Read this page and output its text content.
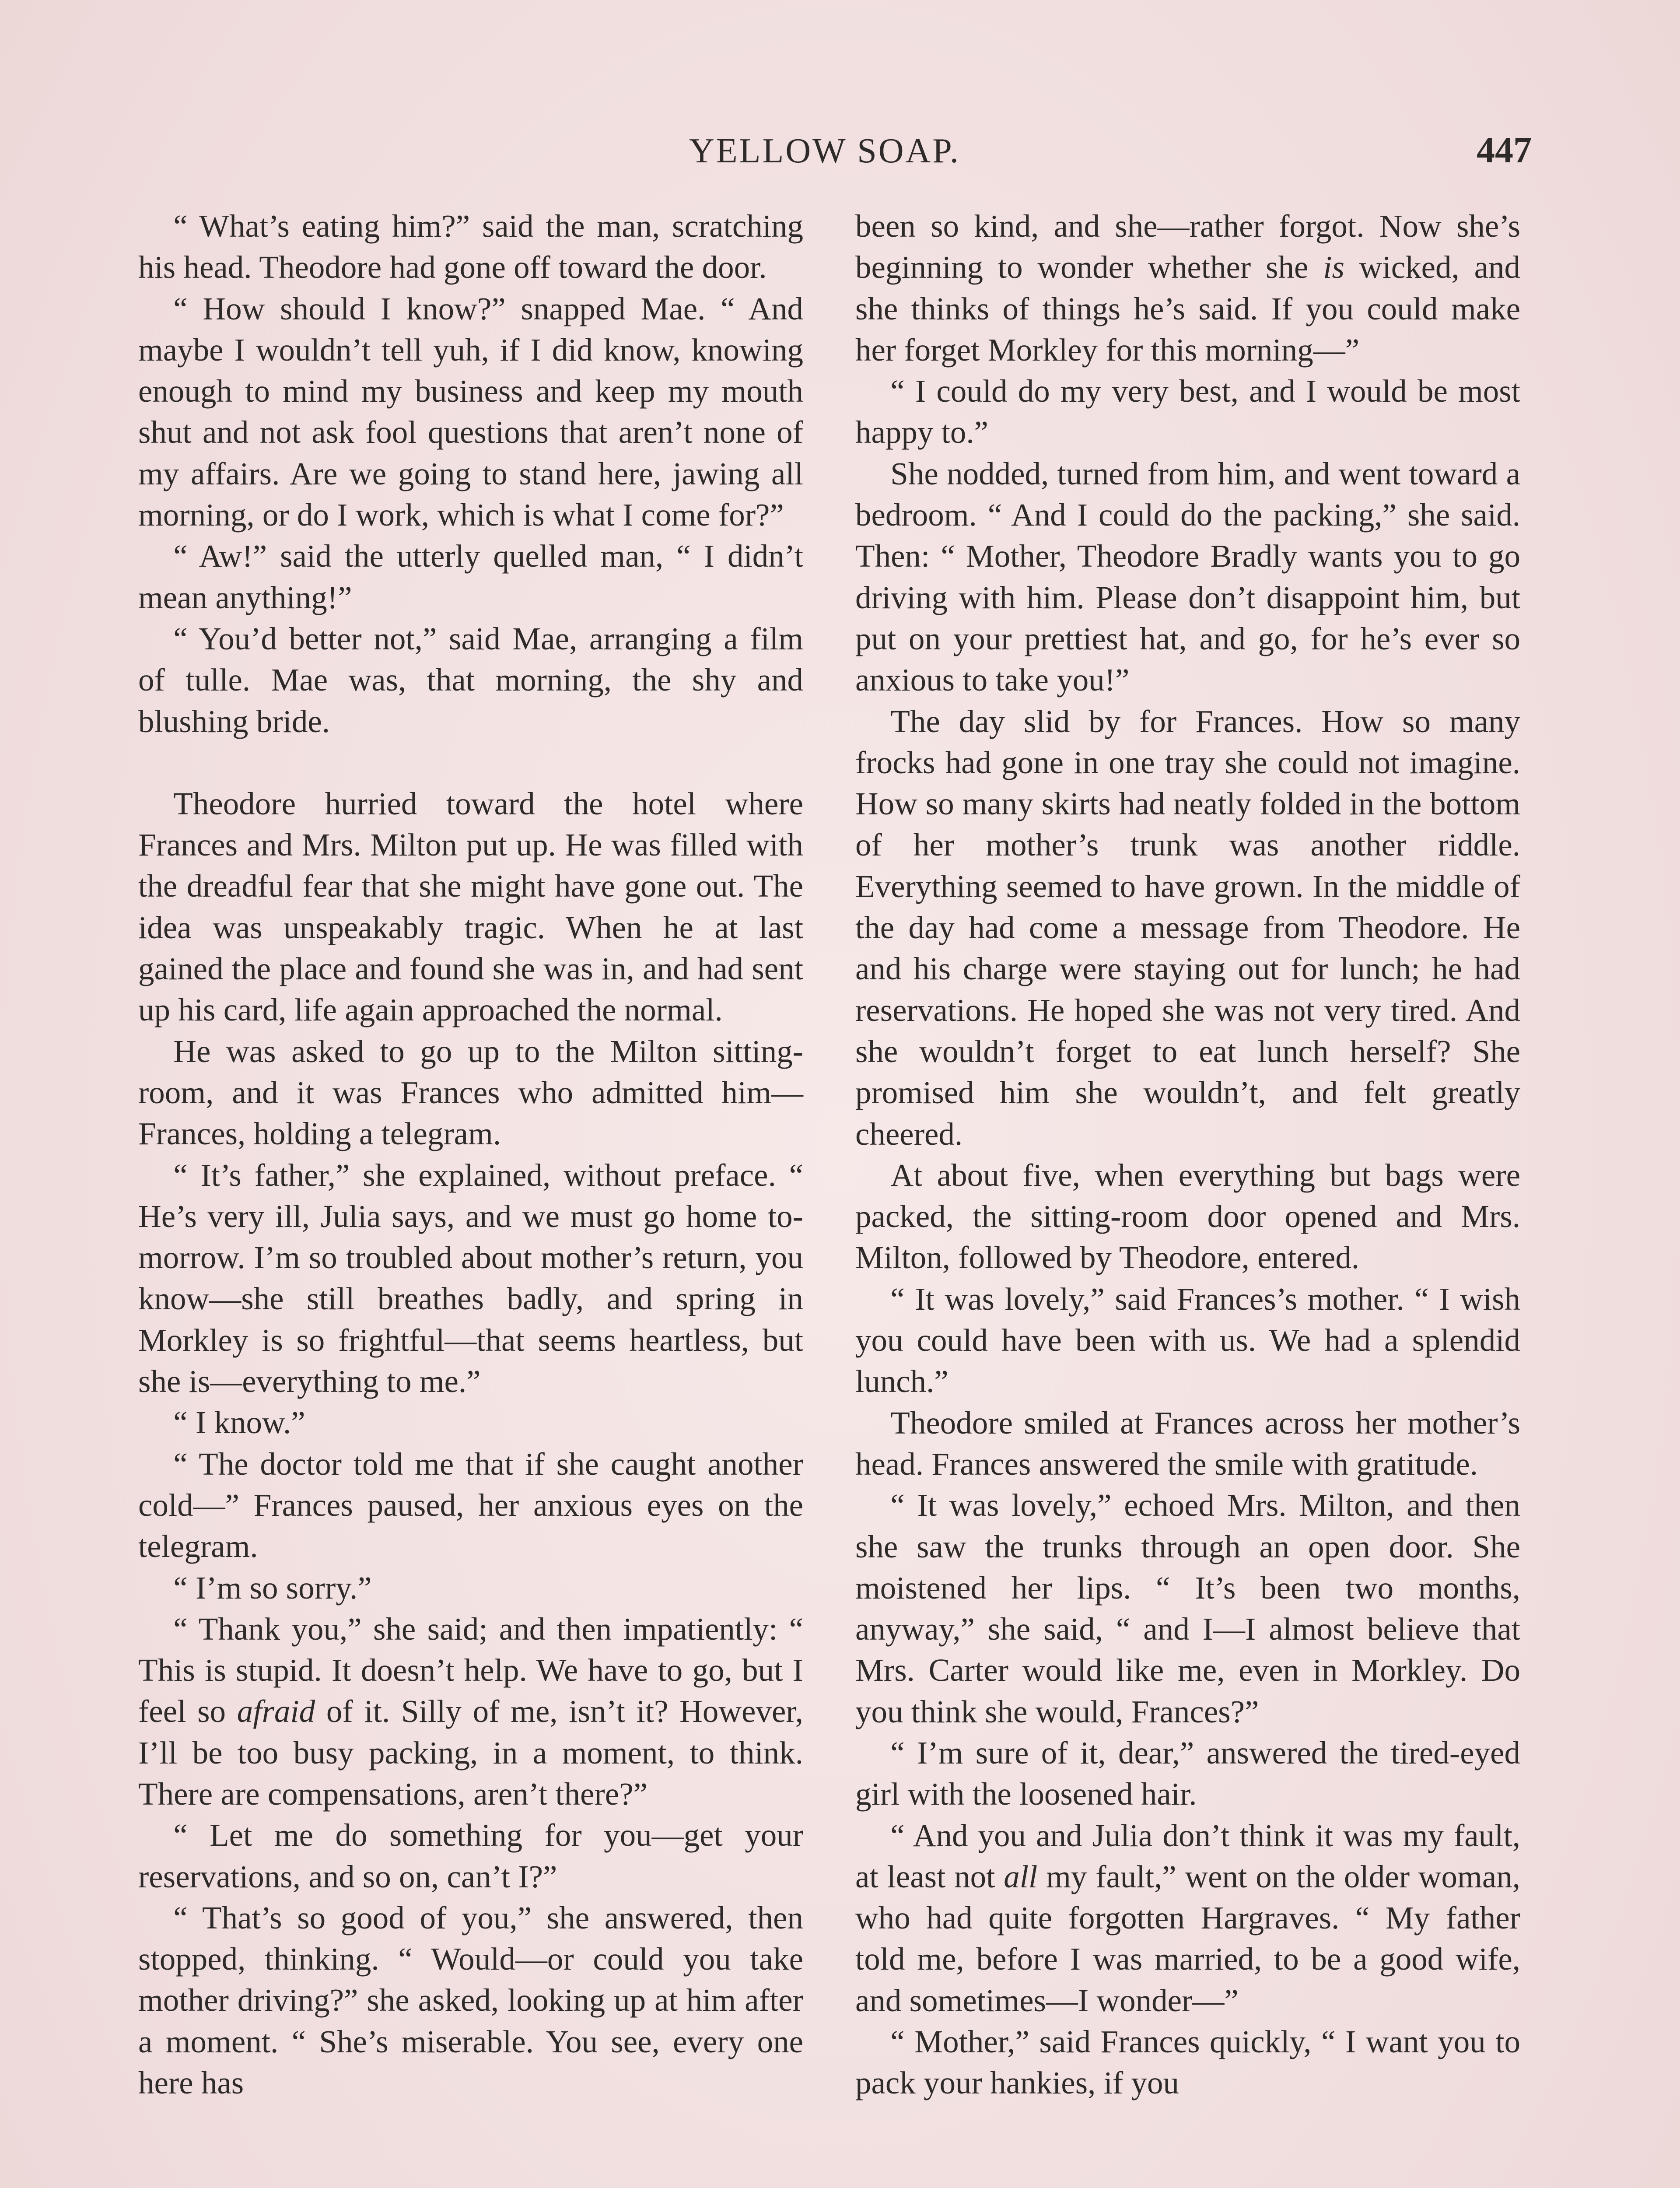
YELLOW SOAP.	447

“ What’s eating him?” said the man, scratching his head. Theodore had gone off toward the door.

“ How should I know?” snapped Mae. “ And maybe I wouldn’t tell yuh, if I did know, knowing enough to mind my business and keep my mouth shut and not ask fool questions that aren’t none of my affairs. Are we going to stand here, jawing all morning, or do I work, which is what I come for?”

“ Aw!” said the utterly quelled man, “ I didn’t mean anything!”

“ You’d better not,” said Mae, arranging a film of tulle. Mae was, that morning, the shy and blushing bride.

Theodore hurried toward the hotel where Frances and Mrs. Milton put up. He was filled with the dreadful fear that she might have gone out. The idea was unspeakably tragic. When he at last gained the place and found she was in, and had sent up his card, life again approached the normal.

He was asked to go up to the Milton sitting-room, and it was Frances who admitted him—Frances, holding a telegram.

“ It’s father,” she explained, without preface. “ He’s very ill, Julia says, and we must go home to-morrow. I’m so troubled about mother’s return, you know—she still breathes badly, and spring in Morkley is so frightful—that seems heartless, but she is—everything to me.”

“ I know.”

“ The doctor told me that if she caught another cold—” Frances paused, her anxious eyes on the telegram.

“ I’m so sorry.”

“ Thank you,” she said; and then impatiently: “ This is stupid. It doesn’t help. We have to go, but I feel so afraid of it. Silly of me, isn’t it? However, I’ll be too busy packing, in a moment, to think. There are compensations, aren’t there?”

“ Let me do something for you—get your reservations, and so on, can’t I?”

“ That’s so good of you,” she answered, then stopped, thinking. “ Would—or could you take mother driving?” she asked, looking up at him after a moment. “ She’s miserable. You see, every one here has

been so kind, and she—rather forgot. Now she’s beginning to wonder whether she is wicked, and she thinks of things he’s said. If you could make her forget Morkley for this morning—”

“ I could do my very best, and I would be most happy to.”

She nodded, turned from him, and went toward a bedroom. “ And I could do the packing,” she said. Then: “ Mother, Theodore Bradly wants you to go driving with him. Please don’t disappoint him, but put on your prettiest hat, and go, for he’s ever so anxious to take you!”

The day slid by for Frances. How so many frocks had gone in one tray she could not imagine. How so many skirts had neatly folded in the bottom of her mother’s trunk was another riddle. Everything seemed to have grown. In the middle of the day had come a message from Theodore. He and his charge were staying out for lunch; he had reservations. He hoped she was not very tired. And she wouldn’t forget to eat lunch herself? She promised him she wouldn’t, and felt greatly cheered.

At about five, when everything but bags were packed, the sitting-room door opened and Mrs. Milton, followed by Theodore, entered.

“ It was lovely,” said Frances’s mother. “ I wish you could have been with us. We had a splendid lunch.”

Theodore smiled at Frances across her mother’s head. Frances answered the smile with gratitude.

“ It was lovely,” echoed Mrs. Milton, and then she saw the trunks through an open door. She moistened her lips. “ It’s been two months, anyway,” she said, “ and I—I almost believe that Mrs. Carter would like me, even in Morkley. Do you think she would, Frances?”

“ I’m sure of it, dear,” answered the tired-eyed girl with the loosened hair.

“ And you and Julia don’t think it was my fault, at least not all my fault,” went on the older woman, who had quite forgotten Hargraves. “ My father told me, before I was married, to be a good wife, and sometimes—I wonder—”

“ Mother,” said Frances quickly, “ I want you to pack your hankies, if you
